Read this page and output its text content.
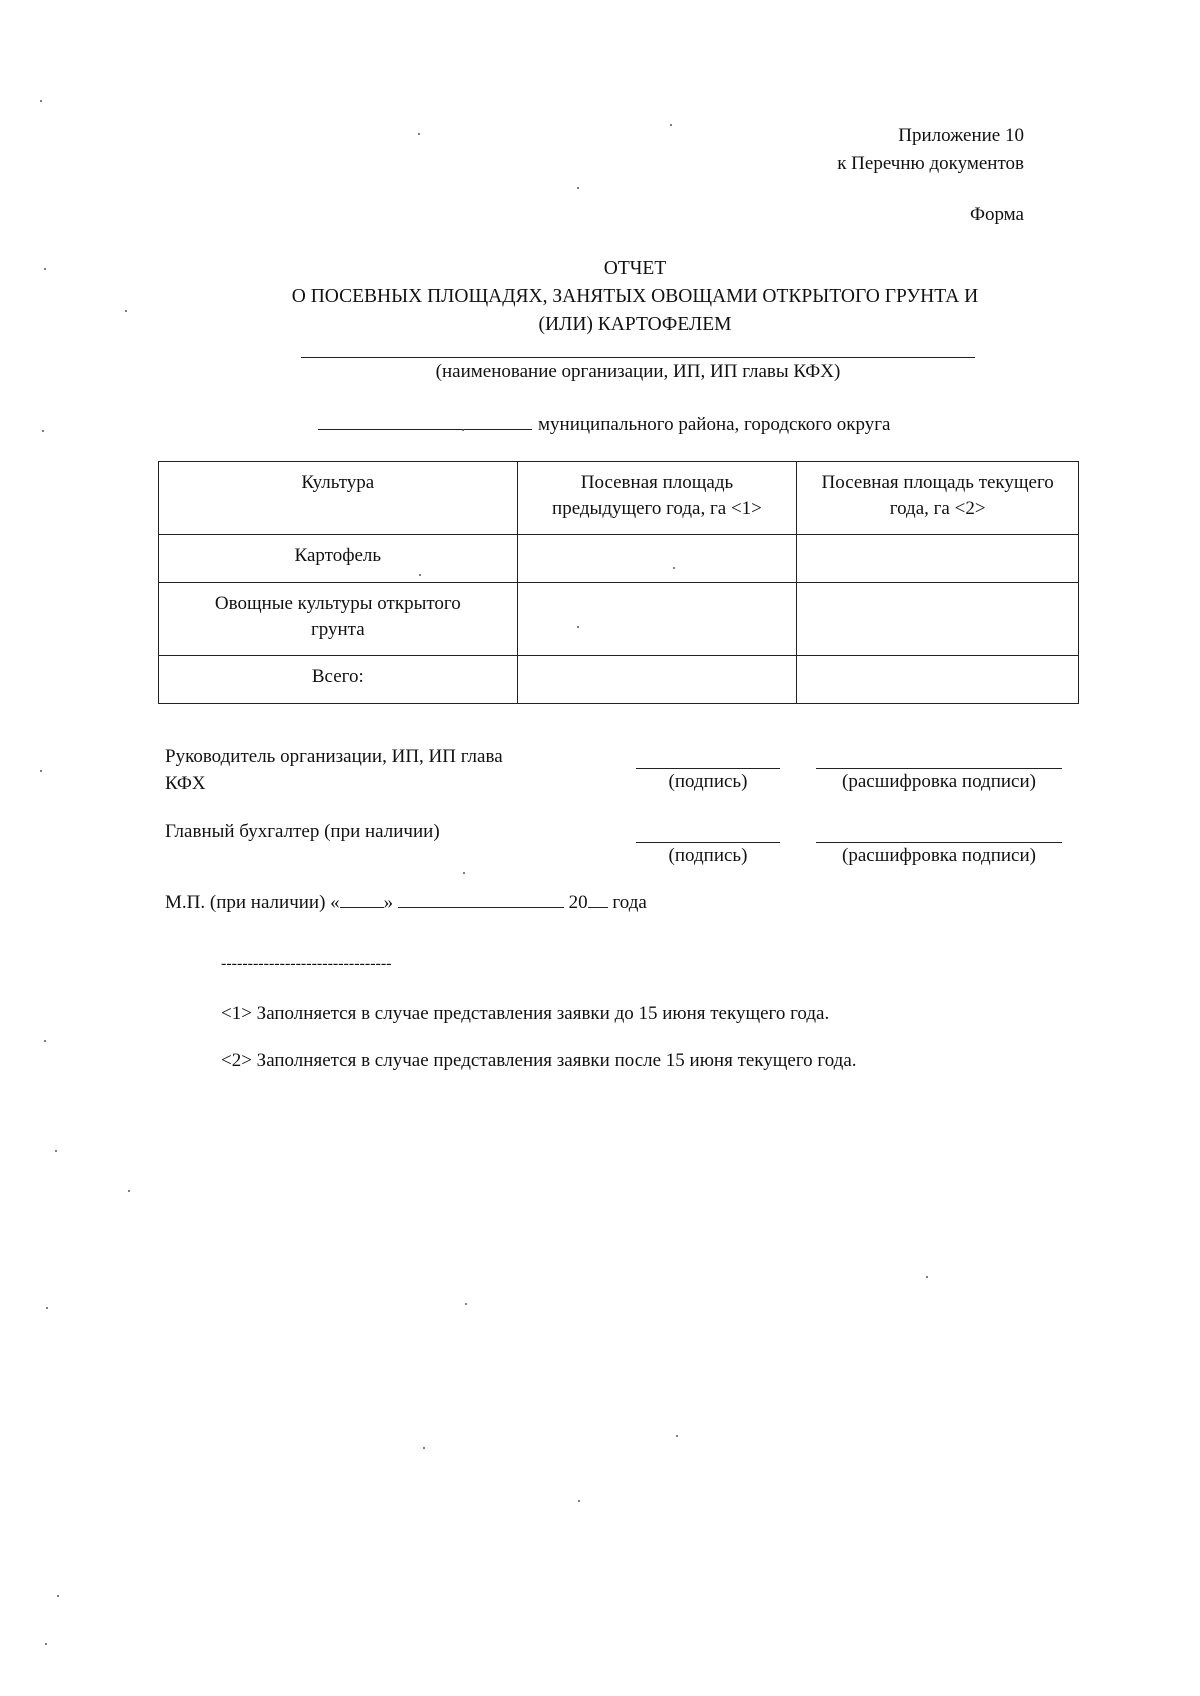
Приложение 10
к Перечню документов
Форма
ОТЧЕТ
О ПОСЕВНЫХ ПЛОЩАДЯХ, ЗАНЯТЫХ ОВОЩАМИ ОТКРЫТОГО ГРУНТА И
(ИЛИ) КАРТОФЕЛЕМ
(наименование организации, ИП, ИП главы КФХ)
муниципального района, городского округа
Культура	Посевная площадь предыдущего года, га <1>	Посевная площадь текущего года, га <2>
Картофель		
Овощные культуры открытого грунта		
Всего:		
Руководитель организации, ИП, ИП глава
КФХ	(подпись)	(расшифровка подписи)
Главный бухгалтер (при наличии)
(подпись)	(расшифровка подписи)
М.П. (при наличии) « »	20 года
--------------------------------
<1> Заполняется в случае представления заявки до 15 июня текущего года.
<2> Заполняется в случае представления заявки после 15 июня текущего года.
